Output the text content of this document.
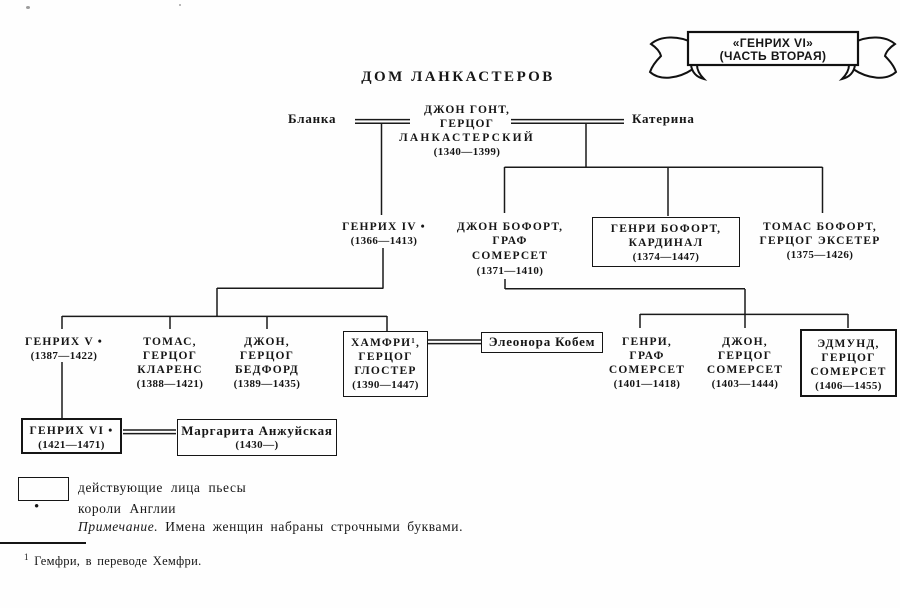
«ГЕНРИХ VI»
(ЧАСТЬ ВТОРАЯ)
ДОМ ЛАНКАСТЕРОВ
Бланка
ДЖОН ГОНТ,
ГЕРЦОГ
ЛАНКАСТЕРСКИЙ
(1340—1399)
Катерина
ГЕНРИХ IV •
(1366—1413)
ДЖОН БОФОРТ,
ГРАФ
СОМЕРСЕТ
(1371—1410)
ГЕНРИ БОФОРТ,
КАРДИНАЛ
(1374—1447)
ТОМАС БОФОРТ,
ГЕРЦОГ ЭКСЕТЕР
(1375—1426)
ГЕНРИХ V •
(1387—1422)
ТОМАС,
ГЕРЦОГ
КЛАРЕНС
(1388—1421)
ДЖОН,
ГЕРЦОГ
БЕДФОРД
(1389—1435)
ХАМФРИ¹,
ГЕРЦОГ
ГЛОСТЕР
(1390—1447)
Элеонора Кобем	ГЕНРИ,
ГРАФ
СОМЕРСЕТ
(1401—1418)
ДЖОН,
ГЕРЦОГ
СОМЕРСЕТ
(1403—1444)
ЭДМУНД,
ГЕРЦОГ
СОМЕРСЕТ
(1406—1455)
ГЕНРИХ VI •
(1421—1471)
Маргарита Анжуйская
(1430—)
действующие лица пьесы
•	короли Англии
Примечание. Имена женщин набраны строчными буквами.
$^1$ Гемфри, в переводе Хемфри.
